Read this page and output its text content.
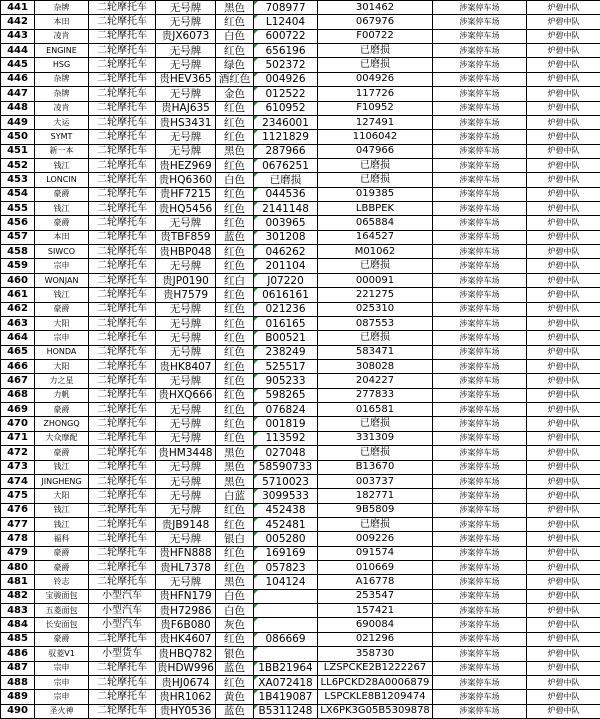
441	杂牌	二轮摩托车	无号牌	黑色	708977	301462	涉案停车场	炉碧中队
442	本田	二轮摩托车	无号牌	红色	L12404	067976	涉案停车场	炉碧中队
443	凌肯	二轮摩托车	贵JX6073	白色	600722	F00722	涉案停车场	炉碧中队
444	ENGINE	二轮摩托车	无号牌	红色	656196	已磨损	涉案停车场	炉碧中队
445	HSG	二轮摩托车	无号牌	绿色	502372	已磨损	涉案停车场	炉碧中队
446	杂牌	二轮摩托车	贵HEV365	酒红色	004926	004926	涉案停车场	炉碧中队
447	杂牌	二轮摩托车	无号牌	金色	012522	117726	涉案停车场	炉碧中队
448	凌肯	二轮摩托车	贵HAJ635	红色	610952	F10952	涉案停车场	炉碧中队
449	大运	二轮摩托车	贵HS3431	红色	2346001	127491	涉案停车场	炉碧中队
450	SYMT	二轮摩托车	无号牌	红色	1121829	1106042	涉案停车场	炉碧中队
451	新一本	二轮摩托车	无号牌	黑色	287966	047966	涉案停车场	炉碧中队
452	钱江	二轮摩托车	贵HEZ969	红色	0676251	已磨损	涉案停车场	炉碧中队
453	LONCIN	二轮摩托车	贵HQ6360	白色	已磨损	已磨损	涉案停车场	炉碧中队
454	豪爵	二轮摩托车	贵HF7215	红色	044536	019385	涉案停车场	炉碧中队
455	钱江	二轮摩托车	贵HQ5456	红色	2141148	LBBPEK	涉案停车场	炉碧中队
456	豪爵	二轮摩托车	无号牌	红色	003965	065884	涉案停车场	炉碧中队
457	本田	二轮摩托车	贵TBF859	蓝色	301208	164527	涉案停车场	炉碧中队
458	SIWCO	二轮摩托车	贵HBP048	红色	046262	M01062	涉案停车场	炉碧中队
459	宗申	二轮摩托车	无号牌	红色	201104	已磨损	涉案停车场	炉碧中队
460	WONJAN	二轮摩托车	贵JP0190	红白	J07220	000091	涉案停车场	炉碧中队
461	钱江	二轮摩托车	贵H7579	红色	0616161	221275	涉案停车场	炉碧中队
462	豪爵	二轮摩托车	无号牌	红色	021236	025310	涉案停车场	炉碧中队
463	大阳	二轮摩托车	无号牌	红色	016165	087553	涉案停车场	炉碧中队
464	宗申	二轮摩托车	无号牌	红色	B00521	已磨损	涉案停车场	炉碧中队
465	HONDA	二轮摩托车	无号牌	红色	238249	583471	涉案停车场	炉碧中队
466	大阳	二轮摩托车	贵HK8407	红色	525517	308028	涉案停车场	炉碧中队
467	力之星	二轮摩托车	无号牌	红色	905233	204227	涉案停车场	炉碧中队
468	力帆	二轮摩托车	贵HXQ666	红色	598265	277833	涉案停车场	炉碧中队
469	豪爵	二轮摩托车	无号牌	红色	076824	016581	涉案停车场	炉碧中队
470	ZHONGQ	二轮摩托车	无号牌	红色	001819	已磨损	涉案停车场	炉碧中队
471	大众摩配	二轮摩托车	无号牌	红色	113592	331309	涉案停车场	炉碧中队
472	豪爵	二轮摩托车	贵HM3448	黑色	027048	已磨损	涉案停车场	炉碧中队
473	钱江	二轮摩托车	无号牌	黑色	58590733	B13670	涉案停车场	炉碧中队
474	JINGHENG	二轮摩托车	无号牌	黑色	5710023	003737	涉案停车场	炉碧中队
475	大阳	二轮摩托车	无号牌	白蓝	3099533	182771	涉案停车场	炉碧中队
476	钱江	二轮摩托车	无号牌	红色	452438	9B5809	涉案停车场	炉碧中队
477	钱江	二轮摩托车	贵JB9148	红色	452481	已磨损	涉案停车场	炉碧中队
478	福科	二轮摩托车	无号牌	银白	005280	009226	涉案停车场	炉碧中队
479	豪爵	二轮摩托车	贵HFN888	红色	169169	091574	涉案停车场	炉碧中队
480	豪爵	二轮摩托车	贵HL7378	红色	057823	010669	涉案停车场	炉碧中队
481	铃志	二轮摩托车	无号牌	黑色	104124	A16778	涉案停车场	炉碧中队
482	宝骏面包	小型汽车	贵HFN179	白色		253547	涉案停车场	炉碧中队
483	五菱面包	小型汽车	贵H72986	白色		157421	涉案停车场	炉碧中队
484	长安面包	小型汽车	贵F6B080	灰色		690084	涉案停车场	炉碧中队
485	豪爵	二轮摩托车	贵HK4607	红色	086669	021296	涉案停车场	炉碧中队
486	驭菱V1	小型货车	贵HBQ782	银色		358730	涉案停车场	炉碧中队
487	宗申	二轮摩托车	贵HDW996	蓝色	1BB21964	LZSPCKE2B1222267	涉案停车场	炉碧中队
488	宗申	二轮摩托车	贵HJ0674	红色	XA072418	LL6PCKD28A0006879	涉案停车场	炉碧中队
489	宗申	二轮摩托车	贵HR1062	黄色	1B419087	LSPCKLE8B1209474	涉案停车场	炉碧中队
490	圣火神	二轮摩托车	贵HY0536	蓝色	B5311248	LX6PK3G05B5309878	涉案停车场	炉碧中队
